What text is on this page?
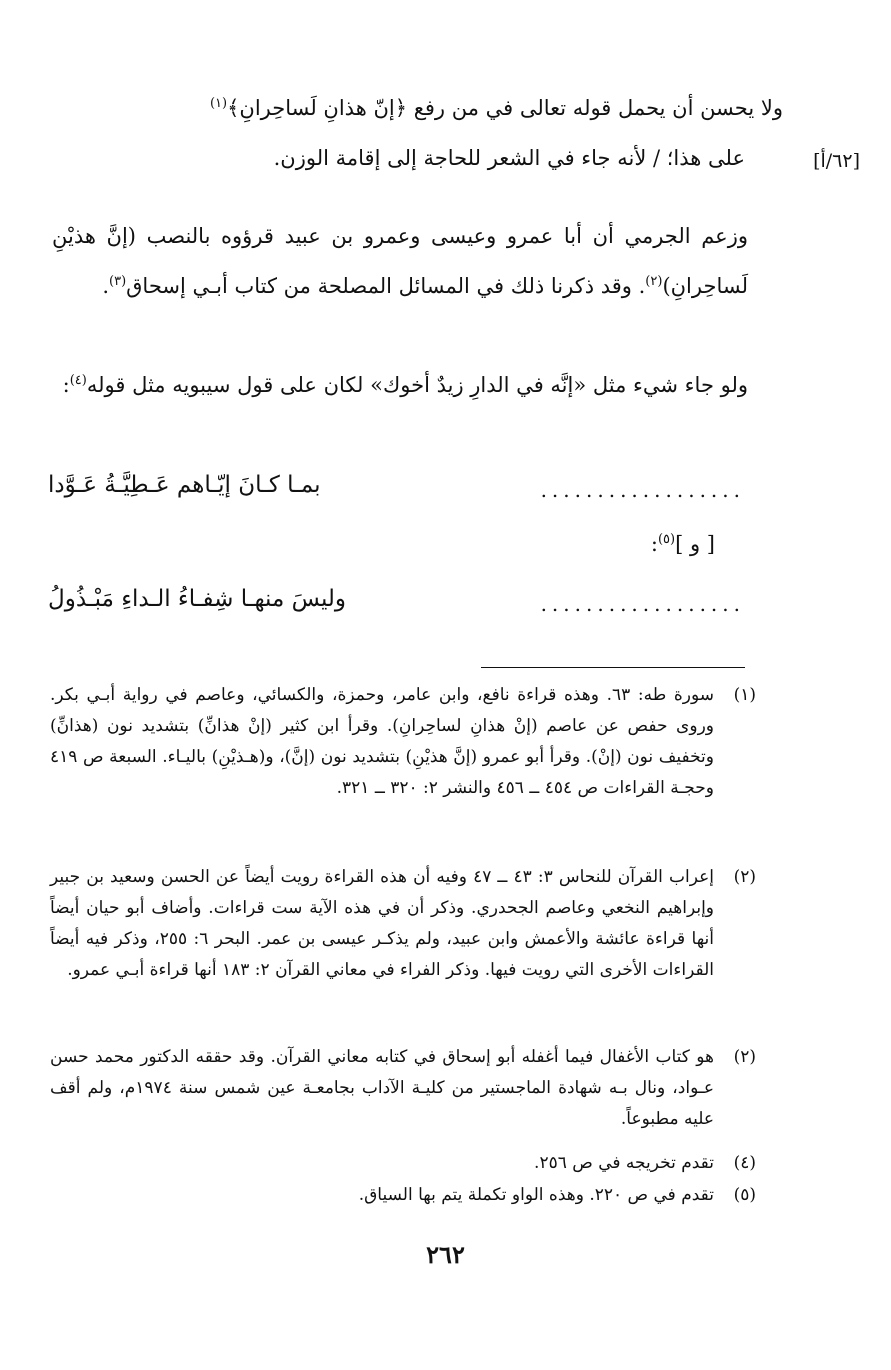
ولا يحسن أن يحمل قوله تعالى في من رفع ﴿إنّ هذانِ لَساحِرانِ﴾$^{(١)}$
على هذا؛ / لأنه جاء في الشعر للحاجة إلى إقامة الوزن.	[٦٢/أ]
وزعم الجرمي أن أبا عمرو وعيسى وعمرو بن عبيد قرؤوه بالنصب (إنَّ هذيْنِ لَساحِرانِ)$^{(٢)}$. وقد ذكرنا ذلك في المسائل المصلحة من كتاب أبـي إسحاق$^{(٣)}$.
ولو جاء شيء مثل «إنَّه في الدارِ زيدٌ أخوك» لكان على قول سيبويه مثل قوله$^{(٤)}$:
..................
بمـا كـانَ إيّـاهم عَـطِيَّـةُ عَـوَّدا
[ و ]$^{(٥)}$:
..................
وليسَ منهـا شِفـاءُ الـداءِ مَبْـذُولُ
(١)
سورة طه: ٦٣. وهذه قراءة نافع، وابن عامر، وحمزة، والكسائي، وعاصم في رواية أبـي بكر. وروى حفص عن عاصم (إنْ هذانِ لساحِرانِ). وقرأ ابن كثير (إنْ هذانِّ) بتشديد نون (هذانِّ) وتخفيف نون (إنْ). وقرأ أبو عمرو (إنَّ هذيْنِ) بتشديد نون (إنَّ)، و(هـذيْنِ) باليـاء. السبعة ص ٤١٩ وحجـة القراءات ص ٤٥٤ ــ ٤٥٦ والنشر ٢: ٣٢٠ ــ ٣٢١.
(٢)
إعراب القرآن للنحاس ٣: ٤٣ ــ ٤٧ وفيه أن هذه القراءة رويت أيضاً عن الحسن وسعيد بن جبير وإبراهيم النخعي وعاصم الجحدري. وذكر أن في هذه الآية ست قراءات. وأضاف أبو حيان أيضاً أنها قراءة عائشة والأعمش وابن عبيد، ولم يذكـر عيسى بن عمر. البحر ٦: ٢٥٥، وذكر فيه أيضاً القراءات الأخرى التي رويت فيها. وذكر الفراء في معاني القرآن ٢: ١٨٣ أنها قراءة أبـي عمرو.
(٢)
هو كتاب الأغفال فيما أغفله أبو إسحاق في كتابه معاني القرآن. وقد حققه الدكتور محمد حسن عـواد، ونال بـه شهادة الماجستير من كليـة الآداب بجامعـة عين شمس سنة ١٩٧٤م، ولم أقف عليه مطبوعاً.
(٤)
تقدم تخريجه في ص ٢٥٦.
(٥)
تقدم في ص ٢٢٠. وهذه الواو تكملة يتم بها السياق.
٢٦٢
